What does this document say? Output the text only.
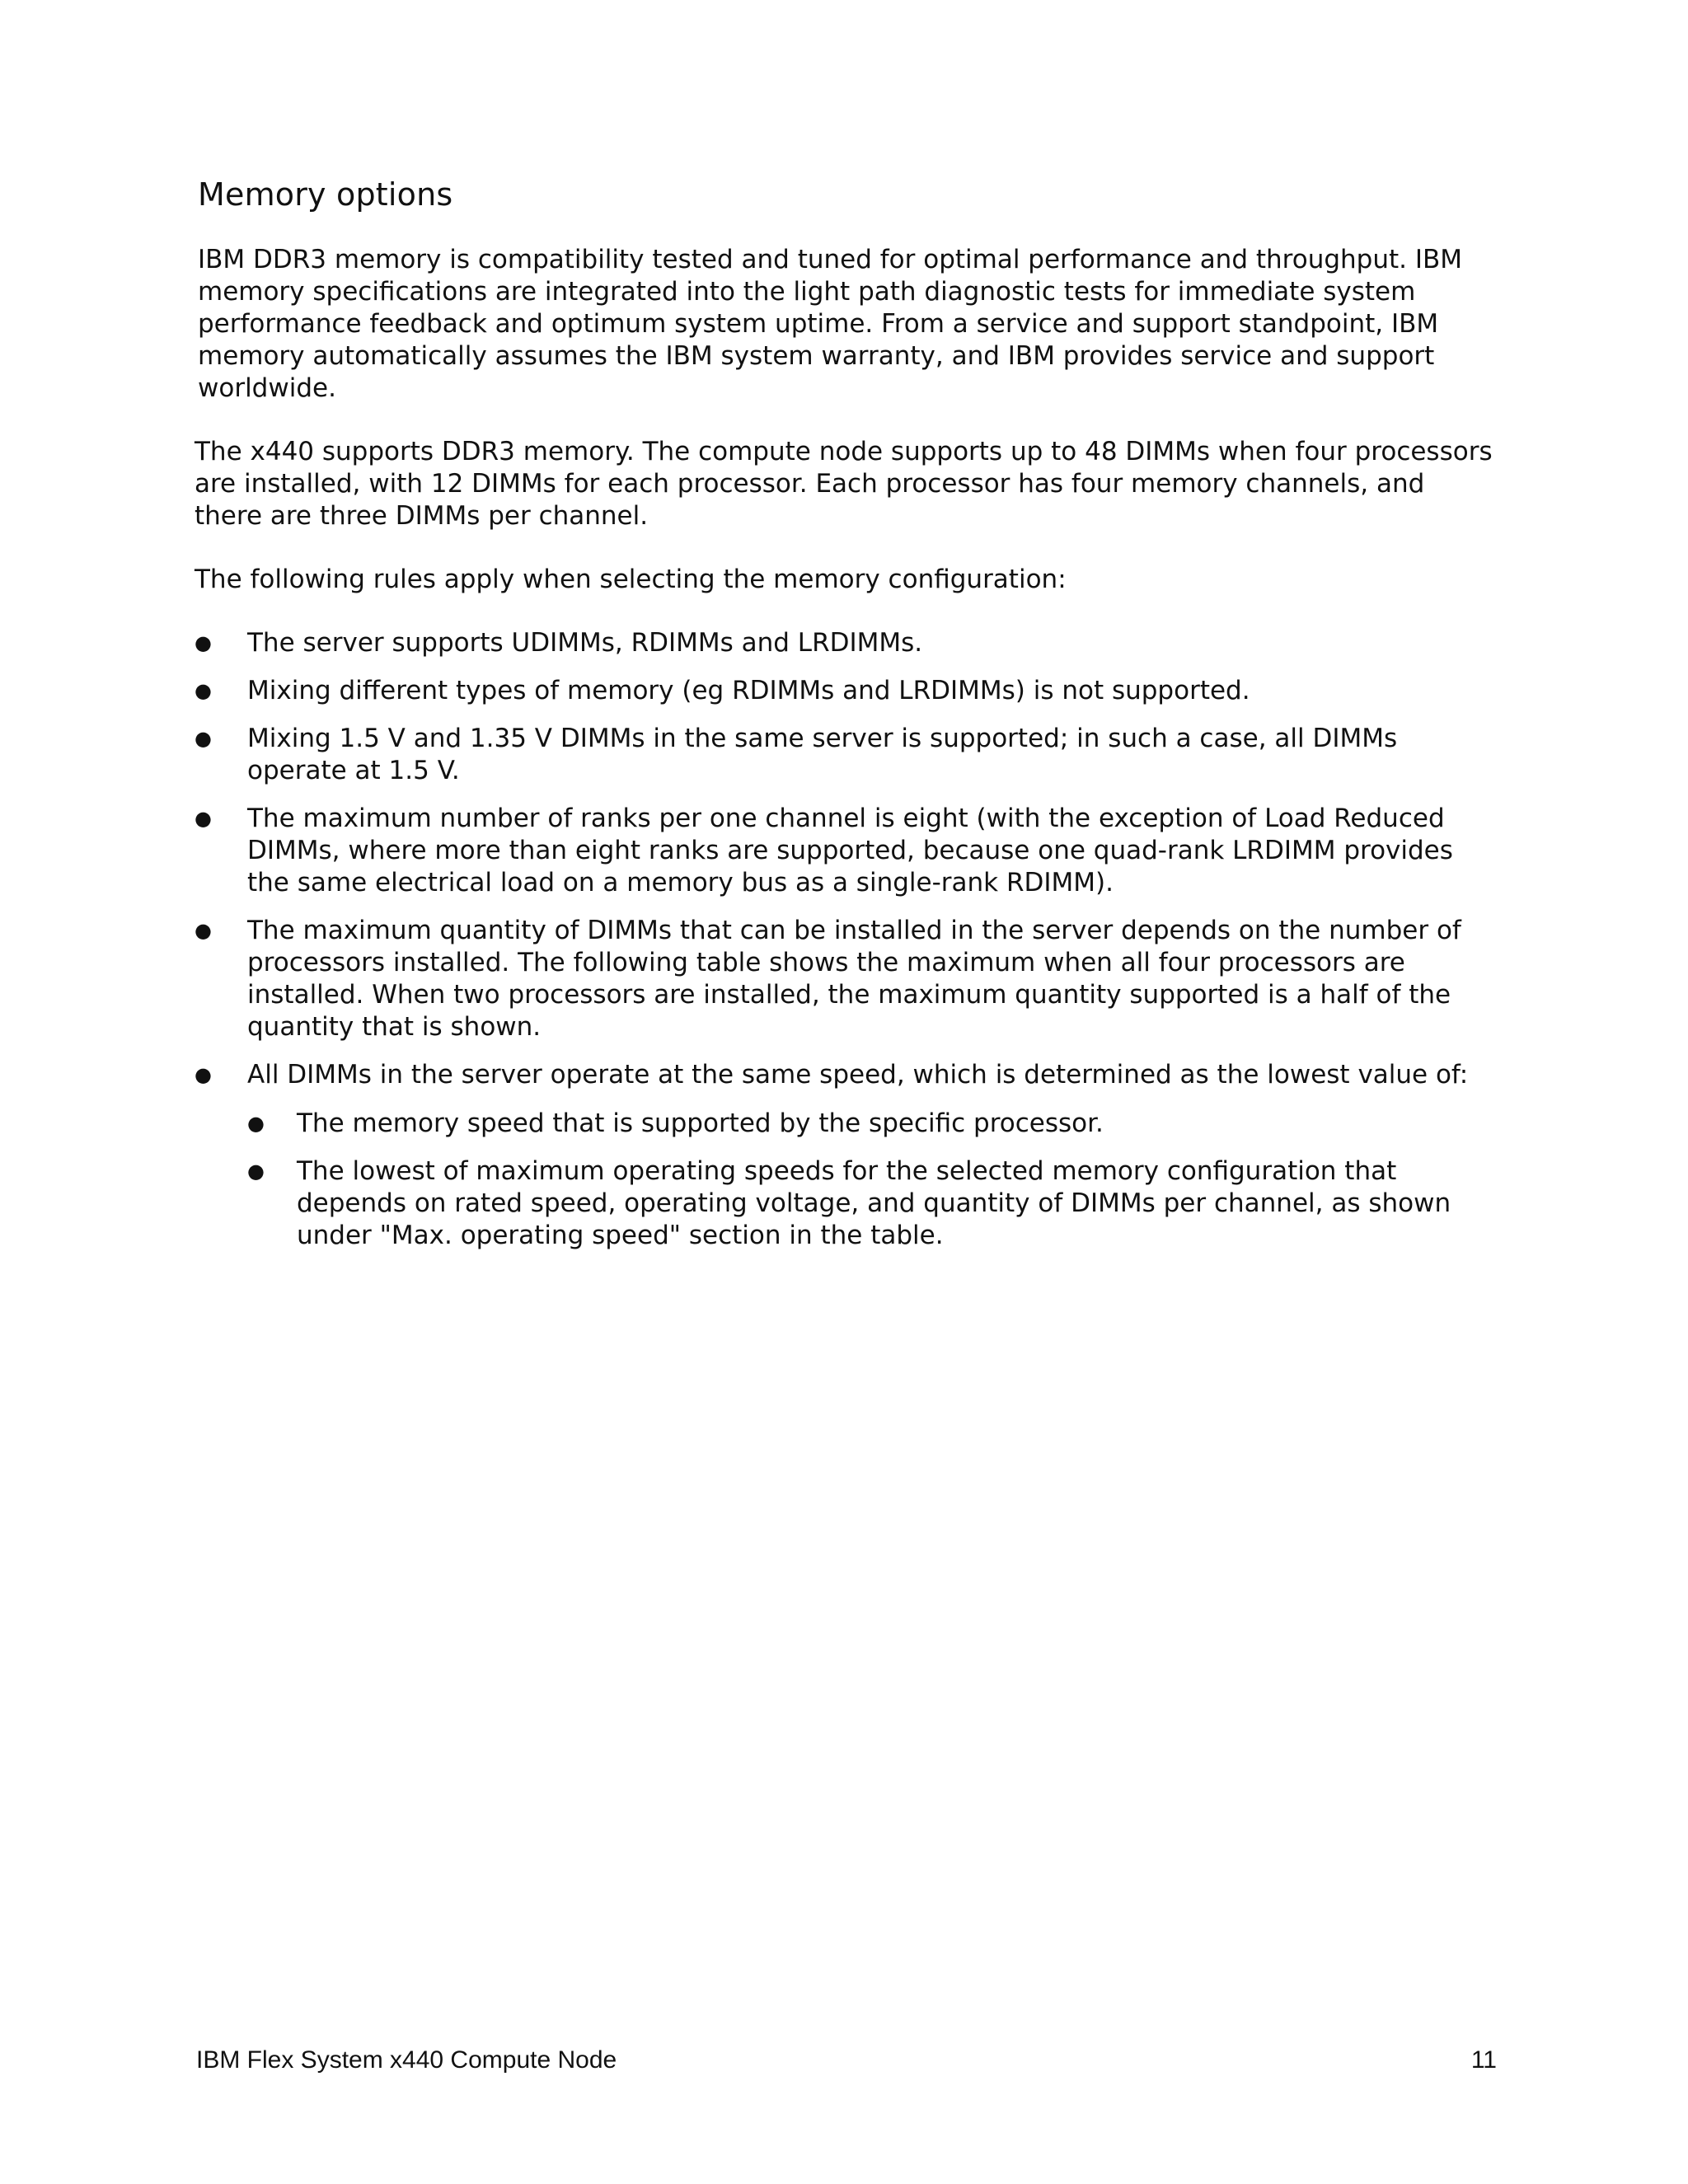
Memory options

IBM DDR3 memory is compatibility tested and tuned for optimal performance and throughput. IBM memory specifications are integrated into the light path diagnostic tests for immediate system performance feedback and optimum system uptime. From a service and support standpoint, IBM memory automatically assumes the IBM system warranty, and IBM provides service and support worldwide.

The x440 supports DDR3 memory. The compute node supports up to 48 DIMMs when four processors are installed, with 12 DIMMs for each processor. Each processor has four memory channels, and there are three DIMMs per channel.

The following rules apply when selecting the memory configuration:

● The server supports UDIMMs, RDIMMs and LRDIMMs.
● Mixing different types of memory (eg RDIMMs and LRDIMMs) is not supported.
● Mixing 1.5 V and 1.35 V DIMMs in the same server is supported; in such a case, all DIMMs operate at 1.5 V.
● The maximum number of ranks per one channel is eight (with the exception of Load Reduced DIMMs, where more than eight ranks are supported, because one quad-rank LRDIMM provides the same electrical load on a memory bus as a single-rank RDIMM).
● The maximum quantity of DIMMs that can be installed in the server depends on the number of processors installed. The following table shows the maximum when all four processors are installed. When two processors are installed, the maximum quantity supported is a half of the quantity that is shown.
● All DIMMs in the server operate at the same speed, which is determined as the lowest value of:
● The memory speed that is supported by the specific processor.
● The lowest of maximum operating speeds for the selected memory configuration that depends on rated speed, operating voltage, and quantity of DIMMs per channel, as shown under "Max. operating speed" section in the table.
IBM Flex System x440 Compute Node	11
